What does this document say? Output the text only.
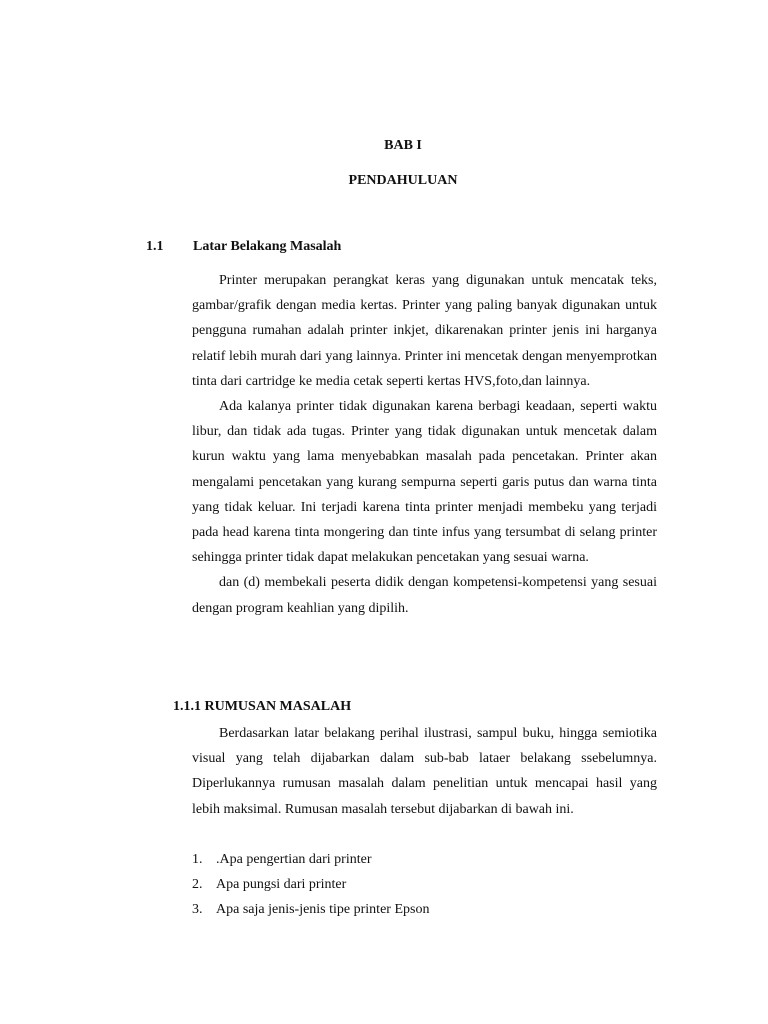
BAB I
PENDAHULUAN
1.1 Latar Belakang Masalah

Printer merupakan perangkat keras yang digunakan untuk mencatak teks, gambar/grafik dengan media kertas. Printer yang paling banyak digunakan untuk pengguna rumahan adalah printer inkjet, dikarenakan printer jenis ini harganya relatif lebih murah dari yang lainnya. Printer ini mencetak dengan menyemprotkan tinta dari cartridge ke media cetak seperti kertas HVS,foto,dan lainnya.

Ada kalanya printer tidak digunakan karena berbagi keadaan, seperti waktu libur, dan tidak ada tugas. Printer yang tidak digunakan untuk mencetak dalam kurun waktu yang lama menyebabkan masalah pada pencetakan. Printer akan mengalami pencetakan yang kurang sempurna seperti garis putus dan warna tinta yang tidak keluar. Ini terjadi karena tinta printer menjadi membeku yang terjadi pada head karena tinta mongering dan tinte infus yang tersumbat di selang printer sehingga printer tidak dapat melakukan pencetakan yang sesuai warna.

dan (d) membekali peserta didik dengan kompetensi-kompetensi yang sesuai dengan program keahlian yang dipilih.

1.1.1 RUMUSAN MASALAH

Berdasarkan latar belakang perihal ilustrasi, sampul buku, hingga semiotika visual yang telah dijabarkan dalam sub-bab lataer belakang ssebelumnya. Diperlukannya rumusan masalah dalam penelitian untuk mencapai hasil yang lebih maksimal. Rumusan masalah tersebut dijabarkan di bawah ini.

1. .Apa pengertian dari printer
2. Apa pungsi dari printer
3. Apa saja jenis-jenis tipe printer Epson
